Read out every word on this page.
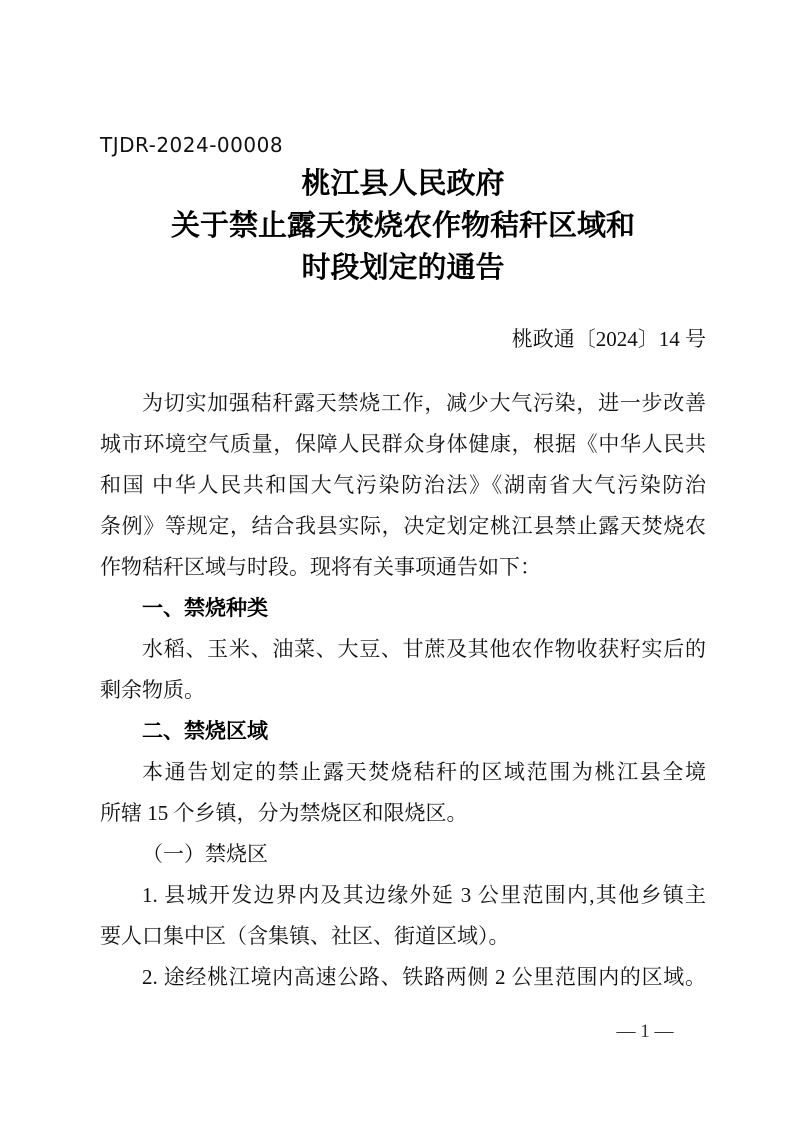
TJDR-2024-00008
桃江县人民政府
关于禁止露天焚烧农作物秸秆区域和
时段划定的通告
桃政通〔2024〕14 号
为切实加强秸秆露天禁烧工作，减少大气污染，进一步改善
城市环境空气质量，保障人民群众身体健康，根据《中华人民共
和国 中华人民共和国大气污染防治法》《湖南省大气污染防治
条例》等规定，结合我县实际，决定划定桃江县禁止露天焚烧农
作物秸秆区域与时段。现将有关事项通告如下：
一、禁烧种类
水稻、玉米、油菜、大豆、甘蔗及其他农作物收获籽实后的
剩余物质。
二、禁烧区域
本通告划定的禁止露天焚烧秸秆的区域范围为桃江县全境
所辖 15 个乡镇，分为禁烧区和限烧区。
（一）禁烧区
1. 县城开发边界内及其边缘外延 3 公里范围内,其他乡镇主
要人口集中区（含集镇、社区、街道区域）。
2. 途经桃江境内高速公路、铁路两侧 2 公里范围内的区域。
— 1 —
